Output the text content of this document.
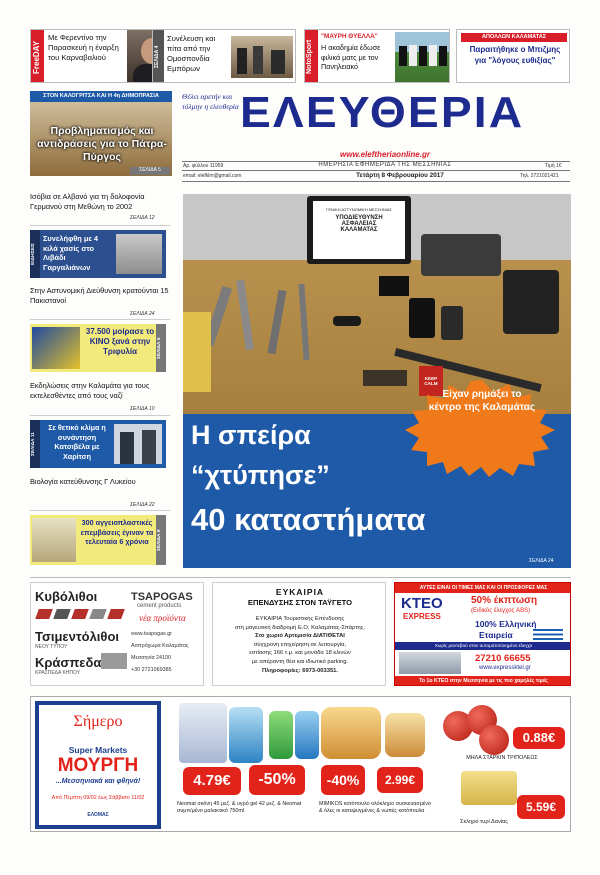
FreeDAY
Με Φερεντίνο την Παρασκευή η έναρξη του Καρναβαλιού	ΣΕΛΙΔΑ 4
Συνέλευση και πίτα από την Ομοσπονδία Εμπόρων	NotoSport
"ΜΑΥΡΗ ΘΥΕΛΛΑ"
Η ακαδημία έδωσε φιλικά ματς με τον Πανηλειακό
ΑΠΟΛΛΩΝ ΚΑΛΑΜΑΤΑΣ
Παραιτήθηκε ο Μπιζμης για "λόγους ευθιξίας"
ΣΤΟΝ ΚΑΛΟΓΡΙΤΣΑ ΚΑΙ Η 4η ΔΗΜΟΠΡΑΣΙΑ
Προβληματισμός και αντιδράσεις για το Πάτρα-Πύργος
ΣΕΛΙΔΑ 5
Θέλει αρετήν και τόλμην η ελευθερία ΕΛΕΥΘΕΡΙΑ
www.eleftheriaonline.gr
Αρ. φύλλου 11959	ΗΜΕΡΗΣΙΑ ΕΦΗΜΕΡΙΔΑ ΤΗΣ ΜΕΣΣΗΝΙΑΣ	Τιμή 1€
email: elefklm@gmail.com	Τετάρτη 8 Φεβρουαρίου 2017	Τηλ. 2721021421
Ισόβια σε Αλβανό για τη δολοφονία Γερμανού στη Μεθώνη το 2002
ΣΕΛΙΔΑ 12
ΕΙΔΗΣΕΙΣ
Συνελήφθη με 4 κιλά χασίς στο Λιβάδι Γαργαλιάνων
Στην Αστυνομική Διεύθυνση κρατούνται 15 Πακιστανοί
ΣΕΛΙΔΑ 24
37.500 μοίρασε το ΚΙΝΟ ξανά στην Τριφυλία	ΣΕΛΙΔΑ 5
Εκδηλώσεις στην Καλαμάτα για τους εκτελεσθέντες από τους ναζί
ΣΕΛΙΔΑ 10
ΣΕΛΙΔΑ 11
Σε θετικό κλίμα η συνάντηση Κατσιβέλα με Χαρίτση
Βιολογία κατεύθυνσης Γ Λυκείου
ΣΕΛΙΔΑ 22
300 αγγειοπλαστικές επεμβάσεις έγιναν τα τελευταία 6 χρόνια	ΣΕΛΙΔΑ 8
ΓΕΝΙΚΗ ΑΣΤΥΝΟΜΙΚΗ ΜΕΣΣΗΝΙΑΣ
ΥΠΟΔΙΕΥΘΥΝΣΗ
ΑΣΦΑΛΕΙΑΣ
ΚΑΛΑΜΑΤΑΣ
KEEP CALM
Η σπείρα
“χτύπησε”
40 καταστήματα
Είχαν ρημάξει το κέντρο της Καλαμάτας
ΣΕΛΙΔΑ 24
Κυβόλιθοι	TSAPOGAS
cement products
νέα προϊόντα
Τσιμεντόλιθοι
ΝΕΟΥ ΤΥΠΟΥ
Κράσπεδα
ΚΡΑΣΠΕΔΑ ΚΗΠΟΥ
www.tsapogas.gr
Ασπρόχωμα Καλαμάτας
Μεσσηνία 24100
+30 2721069385
ΕΥΚΑΙΡΙΑ
ΕΠΕΝΔΥΣΗΣ ΣΤΟΝ ΤΑΫΓΕΤΟ
ΕΥΚΑΙΡΙΑ Τουριστικής Επένδυσης
στη μαγευτική διαδρομή Ε.Ο. Καλαμάτας-Σπάρτης.
Στο χωριό Αρτεμισία ΔΙΑΤΙΘΕΤΑΙ
σύγχρονη επιχείρηση σε λειτουργία,
εστίασης 166 τ.μ. και μονάδα 18 κλινών
με απέραντη θέα και ιδιωτικό parking.
Πληροφορίες: 6973-003351.
ΑΥΤΕΣ ΕΙΝΑΙ ΟΙ ΤΙΜΕΣ ΜΑΣ ΚΑΙ ΟΙ ΠΡΟΣΦΟΡΕΣ ΜΑΣ
ΚΤΕΟ
EXPRESS
50% έκπτωση
(Ειδικός έλεγχος ABS)
100% Ελληνική
Εταιρεία
Χωρίς ραντεβού στον αυτοματοποιημένο έλεγχο
27210 66655
www.expressktel.gr
Το 1ο ΚΤΕΟ στην Μεσσηνία με τις πιο χαμηλές τιμές
Σήμερο
Super Markets
ΜΟΥΡΓΗ
...Μεσσηνιακά και φθηνά!
Από Πέμπτη 09/02 έως Σάββατο 11/02
ΕΛΟΜΑΣ
4.79€	-50%	-40%	2.99€
Neomat σκόνη 45 μεζ. & υγρό gel 42 μεζ. & Neomat συμπ/μένο μαλακτικό 750ml
MIMIKOS κοτόπουλο ολόκληρο συσκευασμένο & όλες οι κατεψυγμένες & νωπές κοτόπουλα
0.88€
ΜΗΛΑ ΣΤΑΡΚΙΝ ΤΡΙΠΟΛΕΩΣ
5.59€
Σκληρό τυρί Δανίας
